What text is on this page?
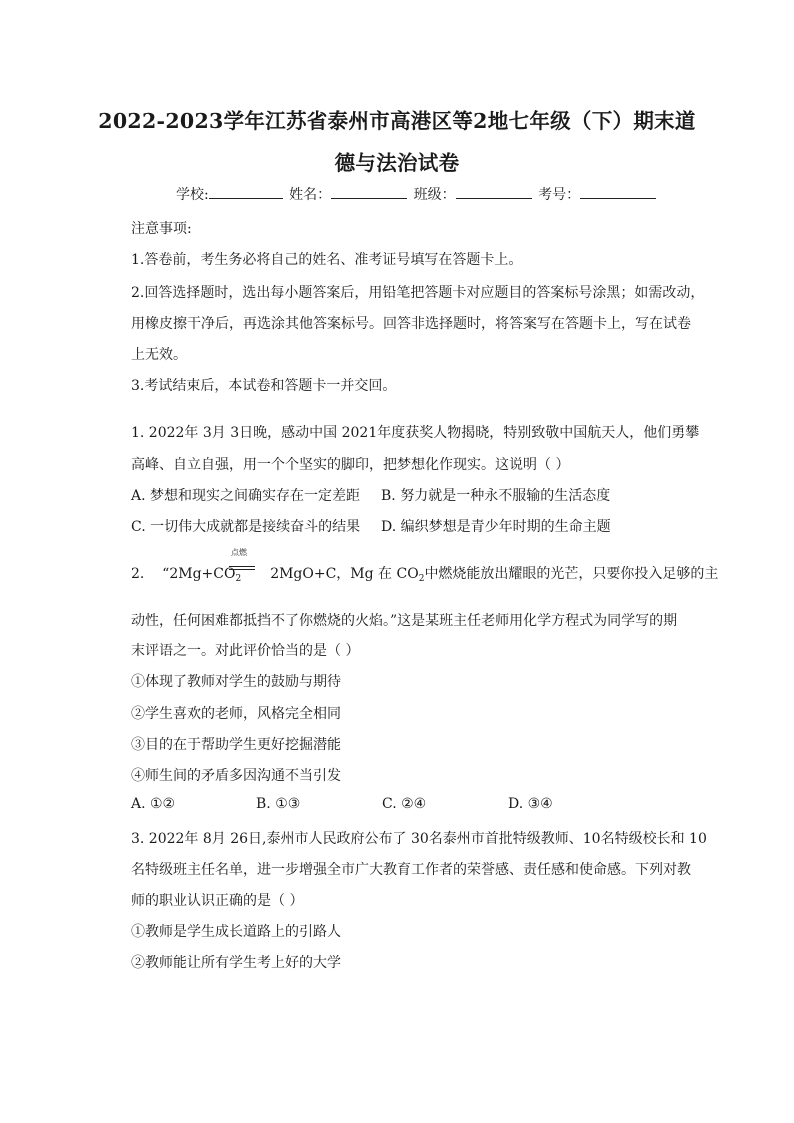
2022-2023学年江苏省泰州市高港区等2地七年级（下）期末道
德与法治试卷
学校:	姓名：	班级：	考号：
注意事项:
1.答卷前，考生务必将自己的姓名、准考证号填写在答题卡上。
2.回答选择题时，选出每小题答案后，用铅笔把答题卡对应题目的答案标号涂黑；如需改动，
用橡皮擦干净后，再选涂其他答案标号。回答非选择题时，将答案写在答题卡上，写在试卷
上无效。
3.考试结束后，本试卷和答题卡一并交回。
1. 2022年 3月 3日晚，感动中国 2021年度获奖人物揭晓，特别致敬中国航天人，他们勇攀
高峰、自立自强，用一个个坚实的脚印，把梦想化作现实。这说明（ ）
A. 梦想和现实之间确实存在一定差距 B. 努力就是一种永不服输的生活态度
C. 一切伟大成就都是接续奋斗的结果 D. 编织梦想是青少年时期的生命主题
2. “$2Mg+CO_2$ 2MgO+C，Mg 在 $CO_2$中燃烧能放出耀眼的光芒，只要你投入足够的主
点燃
动性，任何困难都抵挡不了你燃烧的火焰。”这是某班主任老师用化学方程式为同学写的期
末评语之一。对此评价恰当的是（ ）
①体现了教师对学生的鼓励与期待
②学生喜欢的老师，风格完全相同
③目的在于帮助学生更好挖掘潜能
④师生间的矛盾多因沟通不当引发
A. ①②	B. ①③	C. ②④	D. ③④
3. 2022年 8月 26日,泰州市人民政府公布了 30名泰州市首批特级教师、10名特级校长和 10
名特级班主任名单，进一步增强全市广大教育工作者的荣誉感、责任感和使命感。下列对教
师的职业认识正确的是（ ）
①教师是学生成长道路上的引路人
②教师能让所有学生考上好的大学
